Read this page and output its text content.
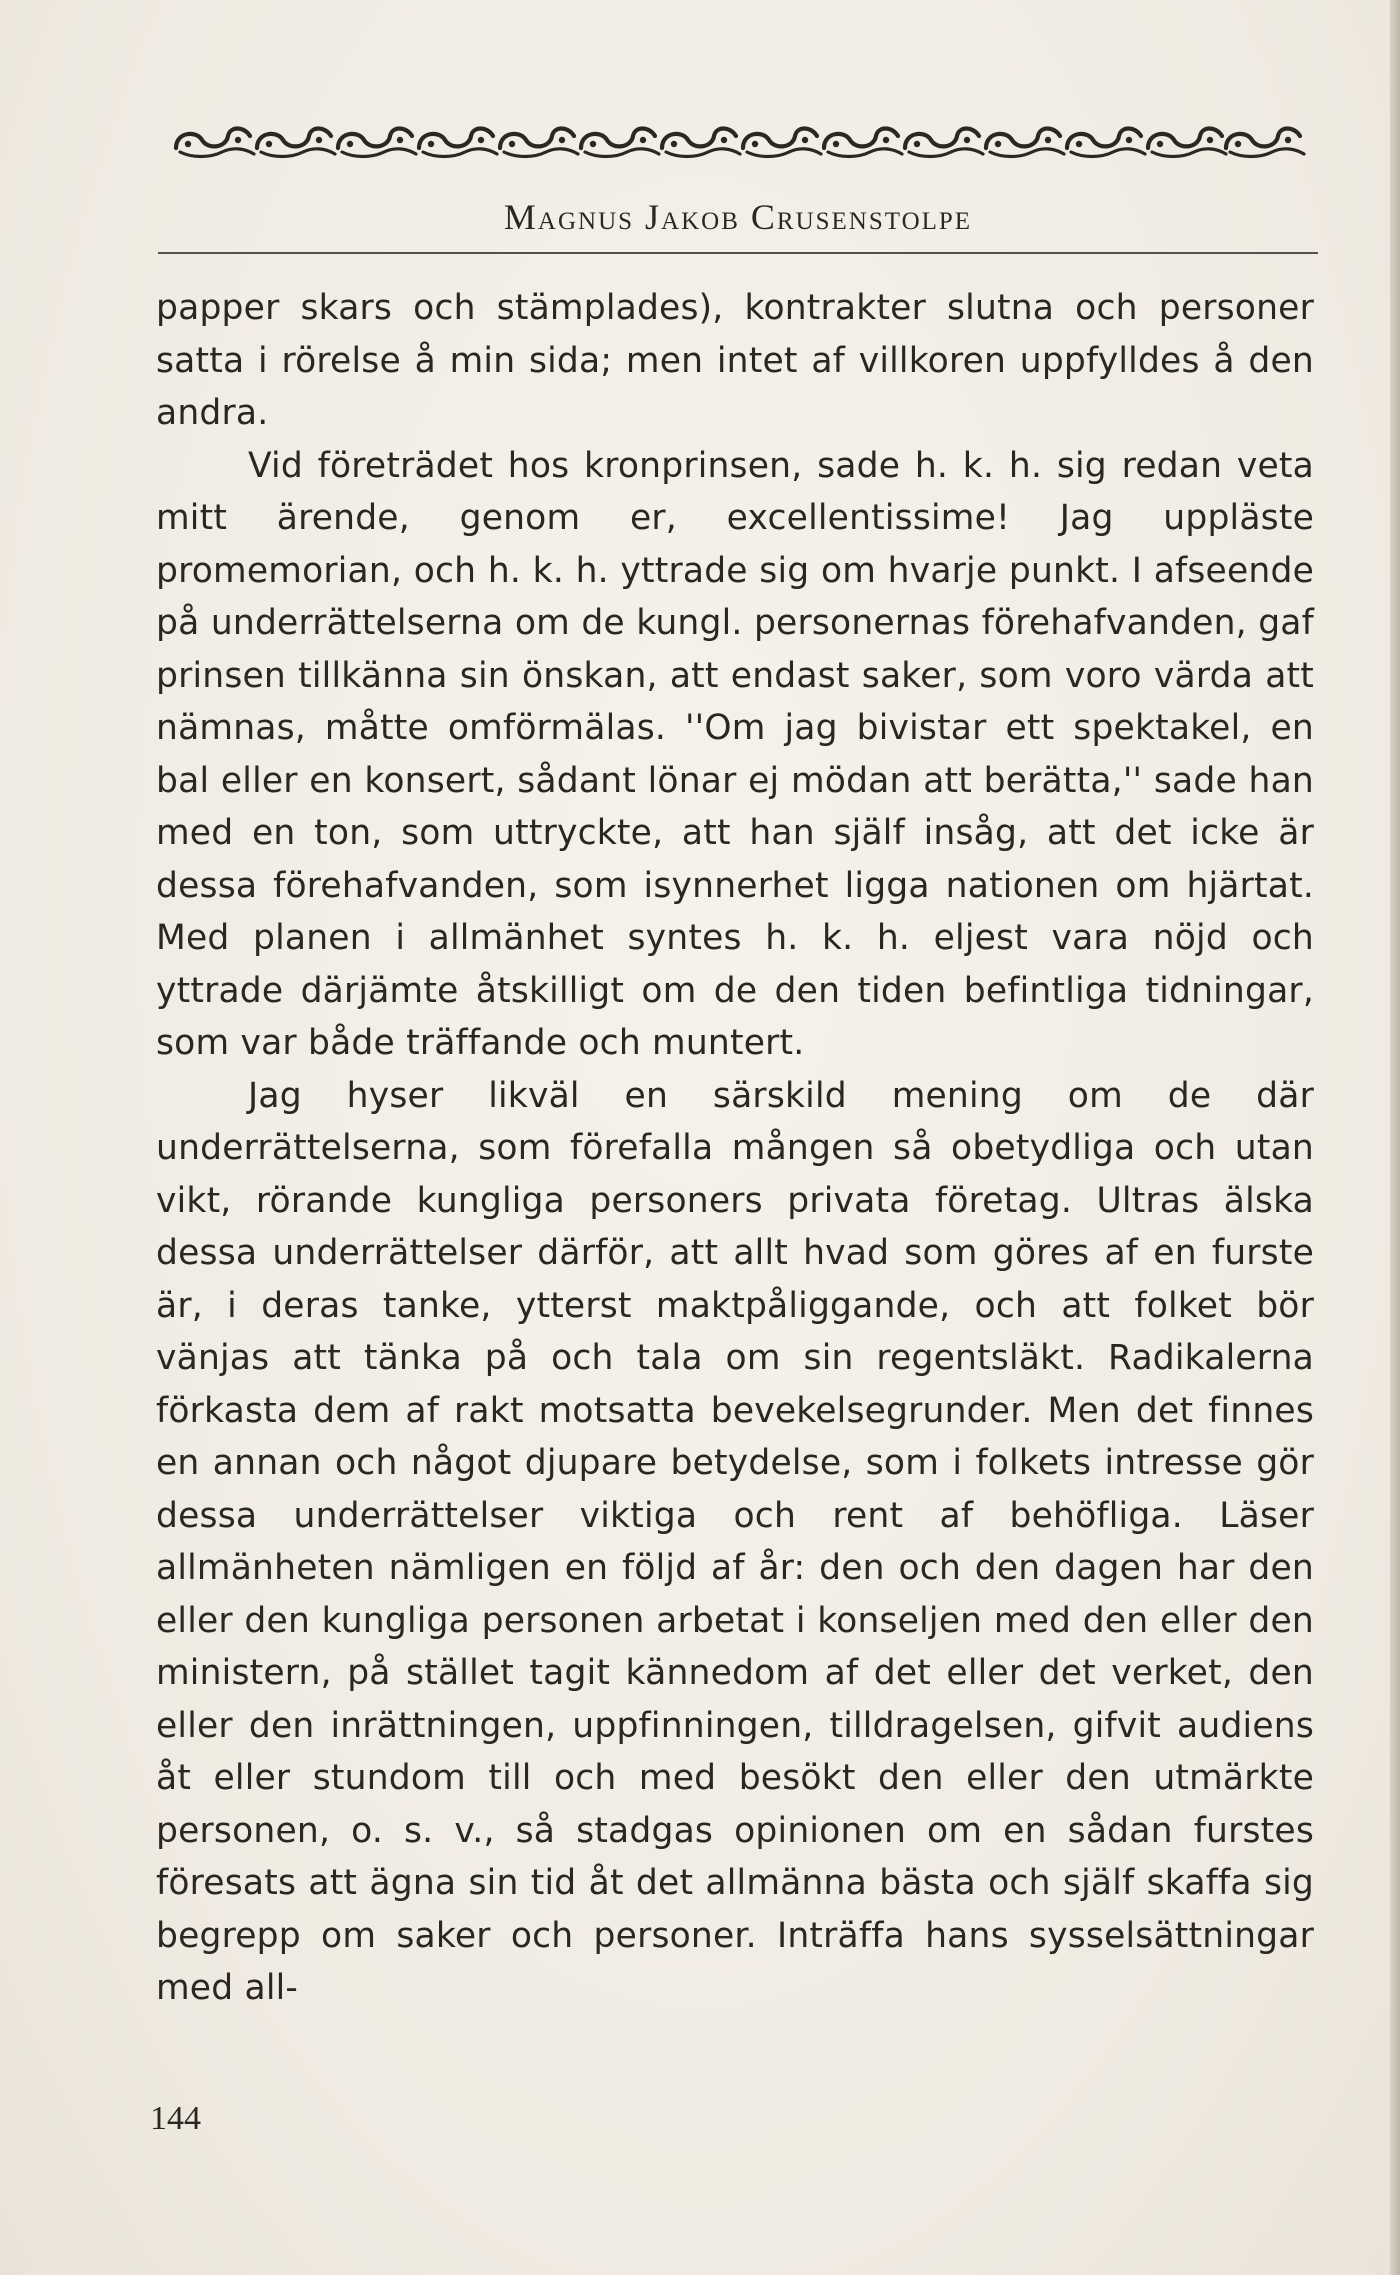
Magnus Jakob Crusenstolpe

papper skars och stämplades), kontrakter slutna och personer satta i rörelse å min sida; men intet af villkoren uppfylldes å den andra.

Vid företrädet hos kronprinsen, sade h. k. h. sig redan veta mitt ärende, genom er, excellentissime! Jag uppläste promemorian, och h. k. h. yttrade sig om hvarje punkt. I afseende på underrättelserna om de kungl. personernas förehafvanden, gaf prinsen tillkänna sin önskan, att endast saker, som voro värda att nämnas, måtte omförmälas. ''Om jag bivistar ett spektakel, en bal eller en konsert, sådant lönar ej mödan att berätta,'' sade han med en ton, som uttryckte, att han själf insåg, att det icke är dessa förehafvanden, som isynnerhet ligga nationen om hjärtat. Med planen i allmänhet syntes h. k. h. eljest vara nöjd och yttrade därjämte åtskilligt om de den tiden befintliga tidningar, som var både träffande och muntert.

Jag hyser likväl en särskild mening om de där underrättelserna, som förefalla mången så obetydliga och utan vikt, rörande kungliga personers privata företag. Ultras älska dessa underrättelser därför, att allt hvad som göres af en furste är, i deras tanke, ytterst maktpåliggande, och att folket bör vänjas att tänka på och tala om sin regentsläkt. Radikalerna förkasta dem af rakt motsatta bevekelsegrunder. Men det finnes en annan och något djupare betydelse, som i folkets intresse gör dessa underrättelser viktiga och rent af behöfliga. Läser allmänheten nämligen en följd af år: den och den dagen har den eller den kungliga personen arbetat i konseljen med den eller den ministern, på stället tagit kännedom af det eller det verket, den eller den inrättningen, uppfinningen, tilldragelsen, gifvit audiens åt eller stundom till och med besökt den eller den utmärkte personen, o. s. v., så stadgas opinionen om en sådan furstes föresats att ägna sin tid åt det allmänna bästa och själf skaffa sig begrepp om saker och personer. Inträffa hans sysselsättningar med all-

144
